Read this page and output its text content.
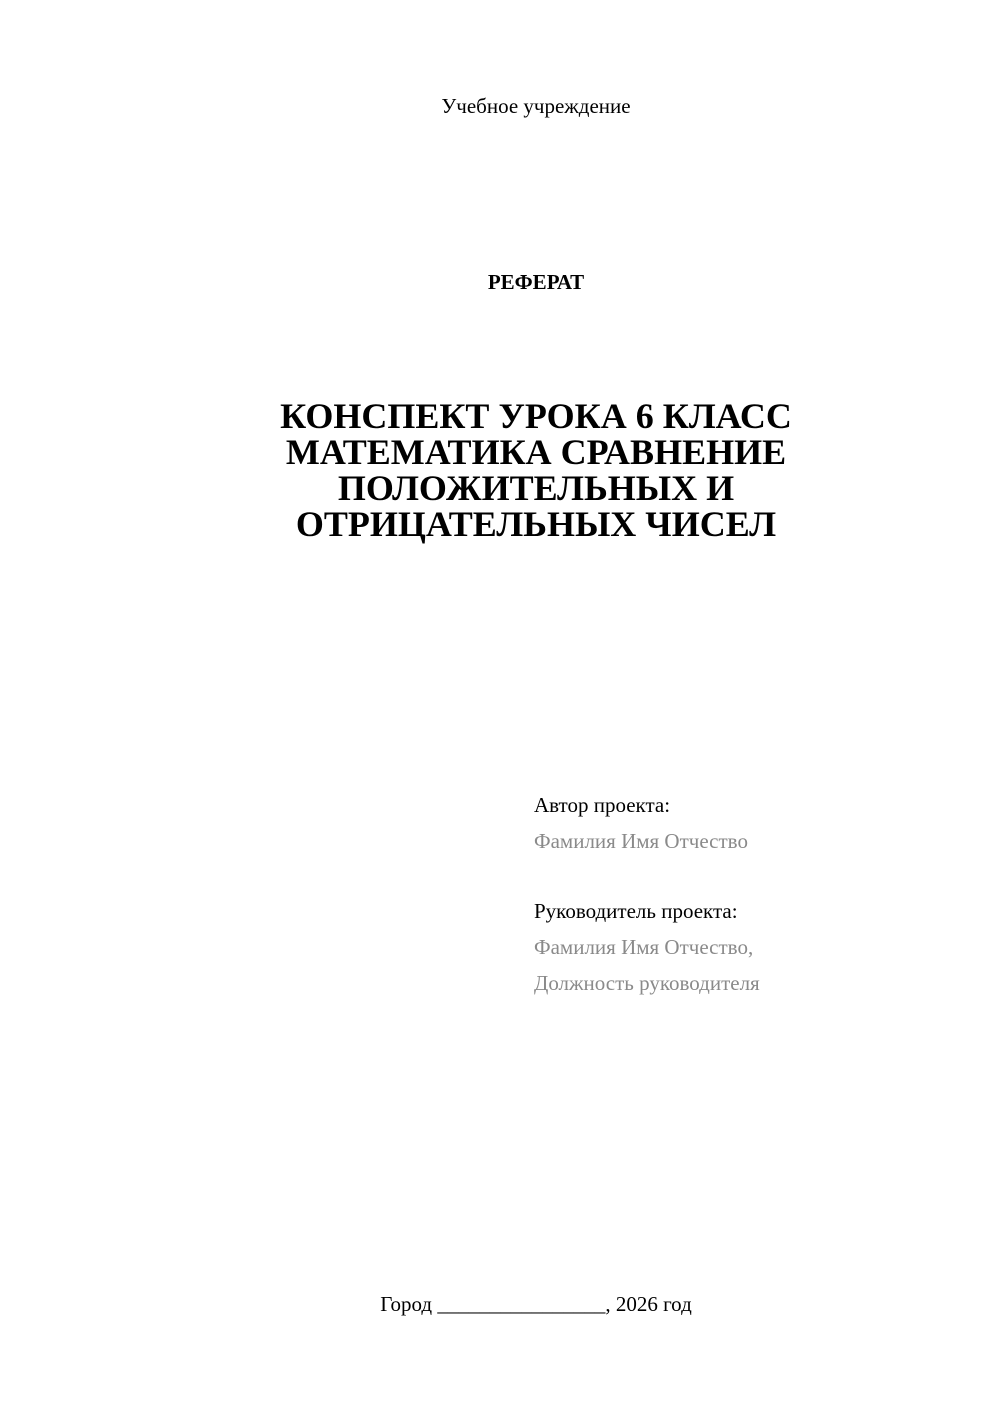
Учебное учреждение
РЕФЕРАТ
КОНСПЕКТ УРОКА 6 КЛАСС
МАТЕМАТИКА СРАВНЕНИЕ
ПОЛОЖИТЕЛЬНЫХ И
ОТРИЦАТЕЛЬНЫХ ЧИСЕЛ
Автор проекта:
Фамилия Имя Отчество
Руководитель проекта:
Фамилия Имя Отчество,
Должность руководителя
Город ________________, 2026 год
